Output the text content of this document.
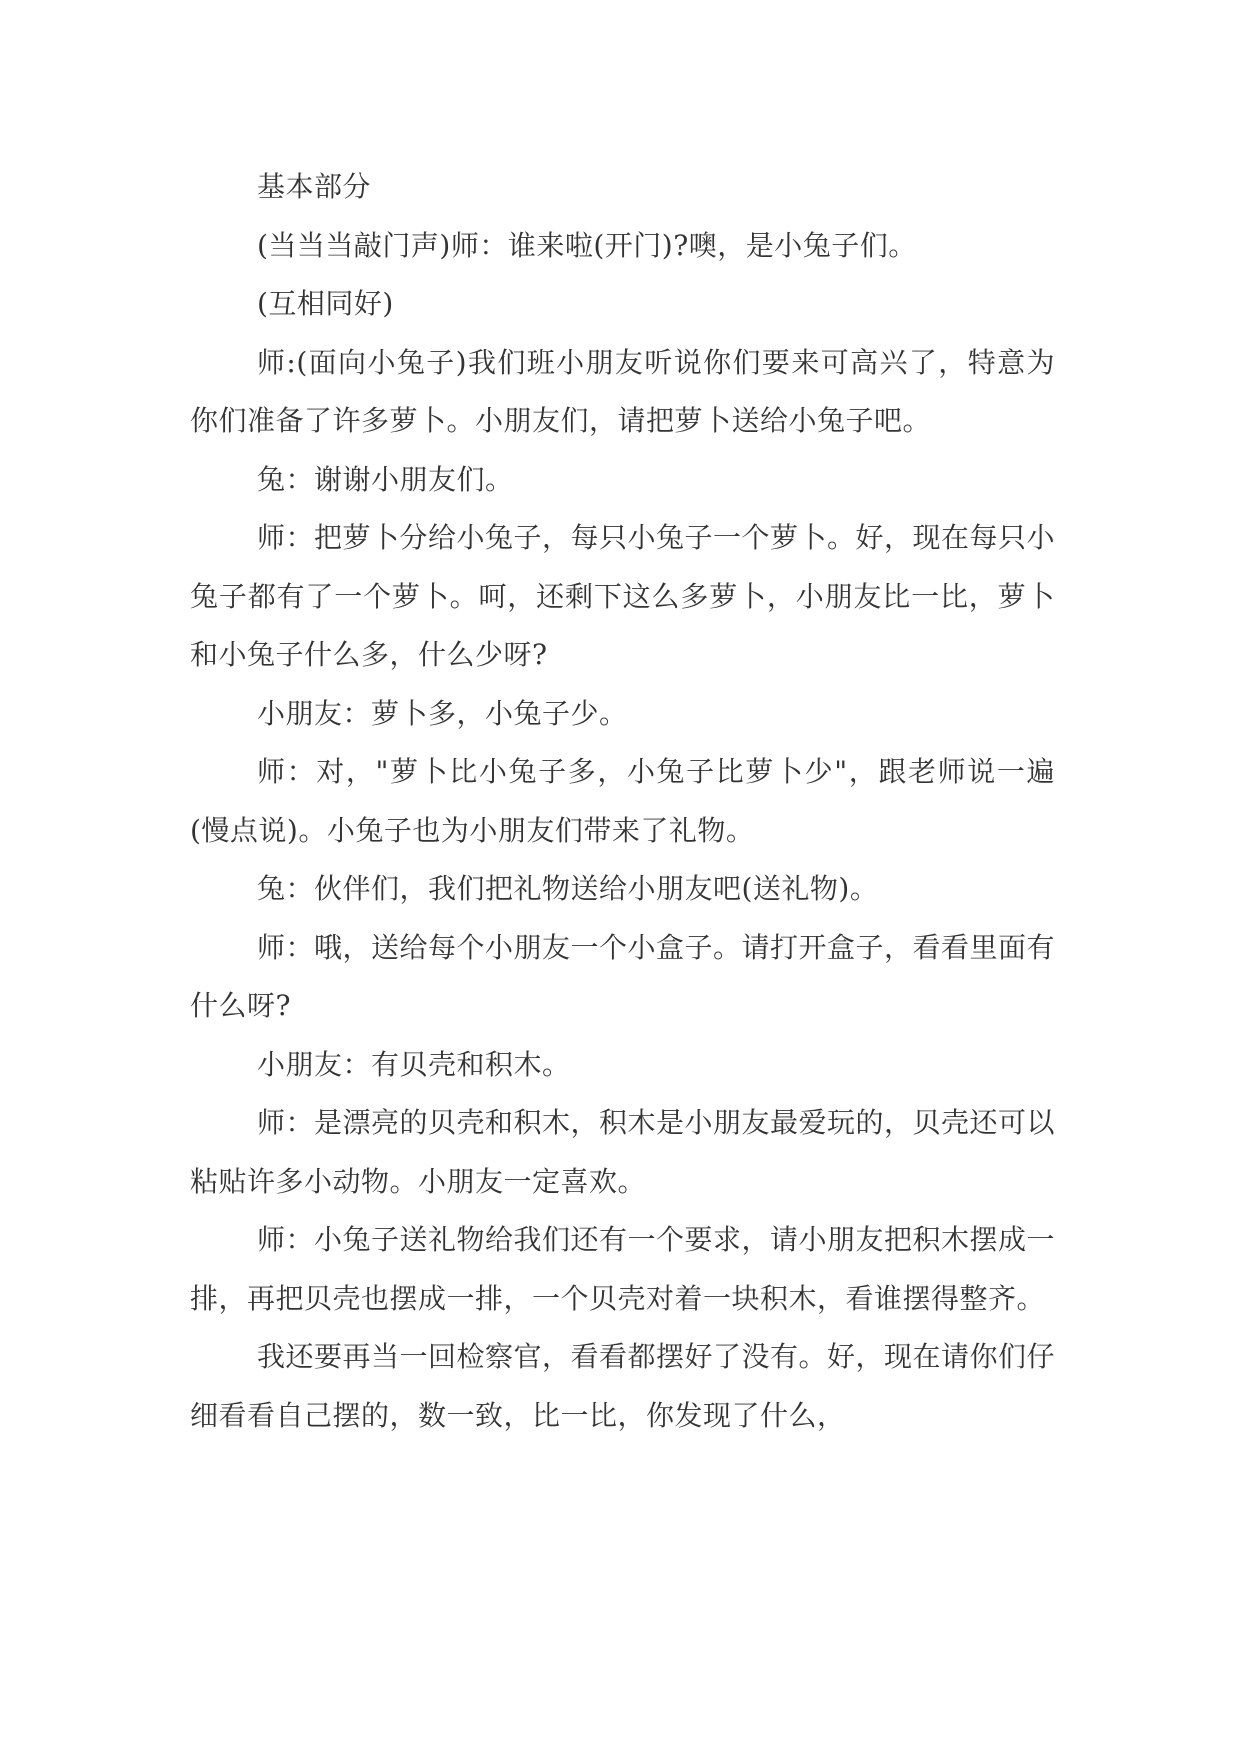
基本部分

(当当当敲门声)师：谁来啦(开门)?噢，是小兔子们。

(互相同好)

师:(面向小兔子)我们班小朋友听说你们要来可高兴了，特意为你们准备了许多萝卜。小朋友们，请把萝卜送给小兔子吧。

兔：谢谢小朋友们。

师：把萝卜分给小兔子，每只小兔子一个萝卜。好，现在每只小兔子都有了一个萝卜。呵，还剩下这么多萝卜，小朋友比一比，萝卜和小兔子什么多，什么少呀?

小朋友：萝卜多，小兔子少。

师：对，"萝卜比小兔子多，小兔子比萝卜少"，跟老师说一遍(慢点说)。小兔子也为小朋友们带来了礼物。

兔：伙伴们，我们把礼物送给小朋友吧(送礼物)。

师：哦，送给每个小朋友一个小盒子。请打开盒子，看看里面有什么呀?

小朋友：有贝壳和积木。

师：是漂亮的贝壳和积木，积木是小朋友最爱玩的，贝壳还可以粘贴许多小动物。小朋友一定喜欢。

师：小兔子送礼物给我们还有一个要求，请小朋友把积木摆成一排，再把贝壳也摆成一排，一个贝壳对着一块积木，看谁摆得整齐。

我还要再当一回检察官，看看都摆好了没有。好，现在请你们仔细看看自己摆的，数一致，比一比，你发现了什么，
